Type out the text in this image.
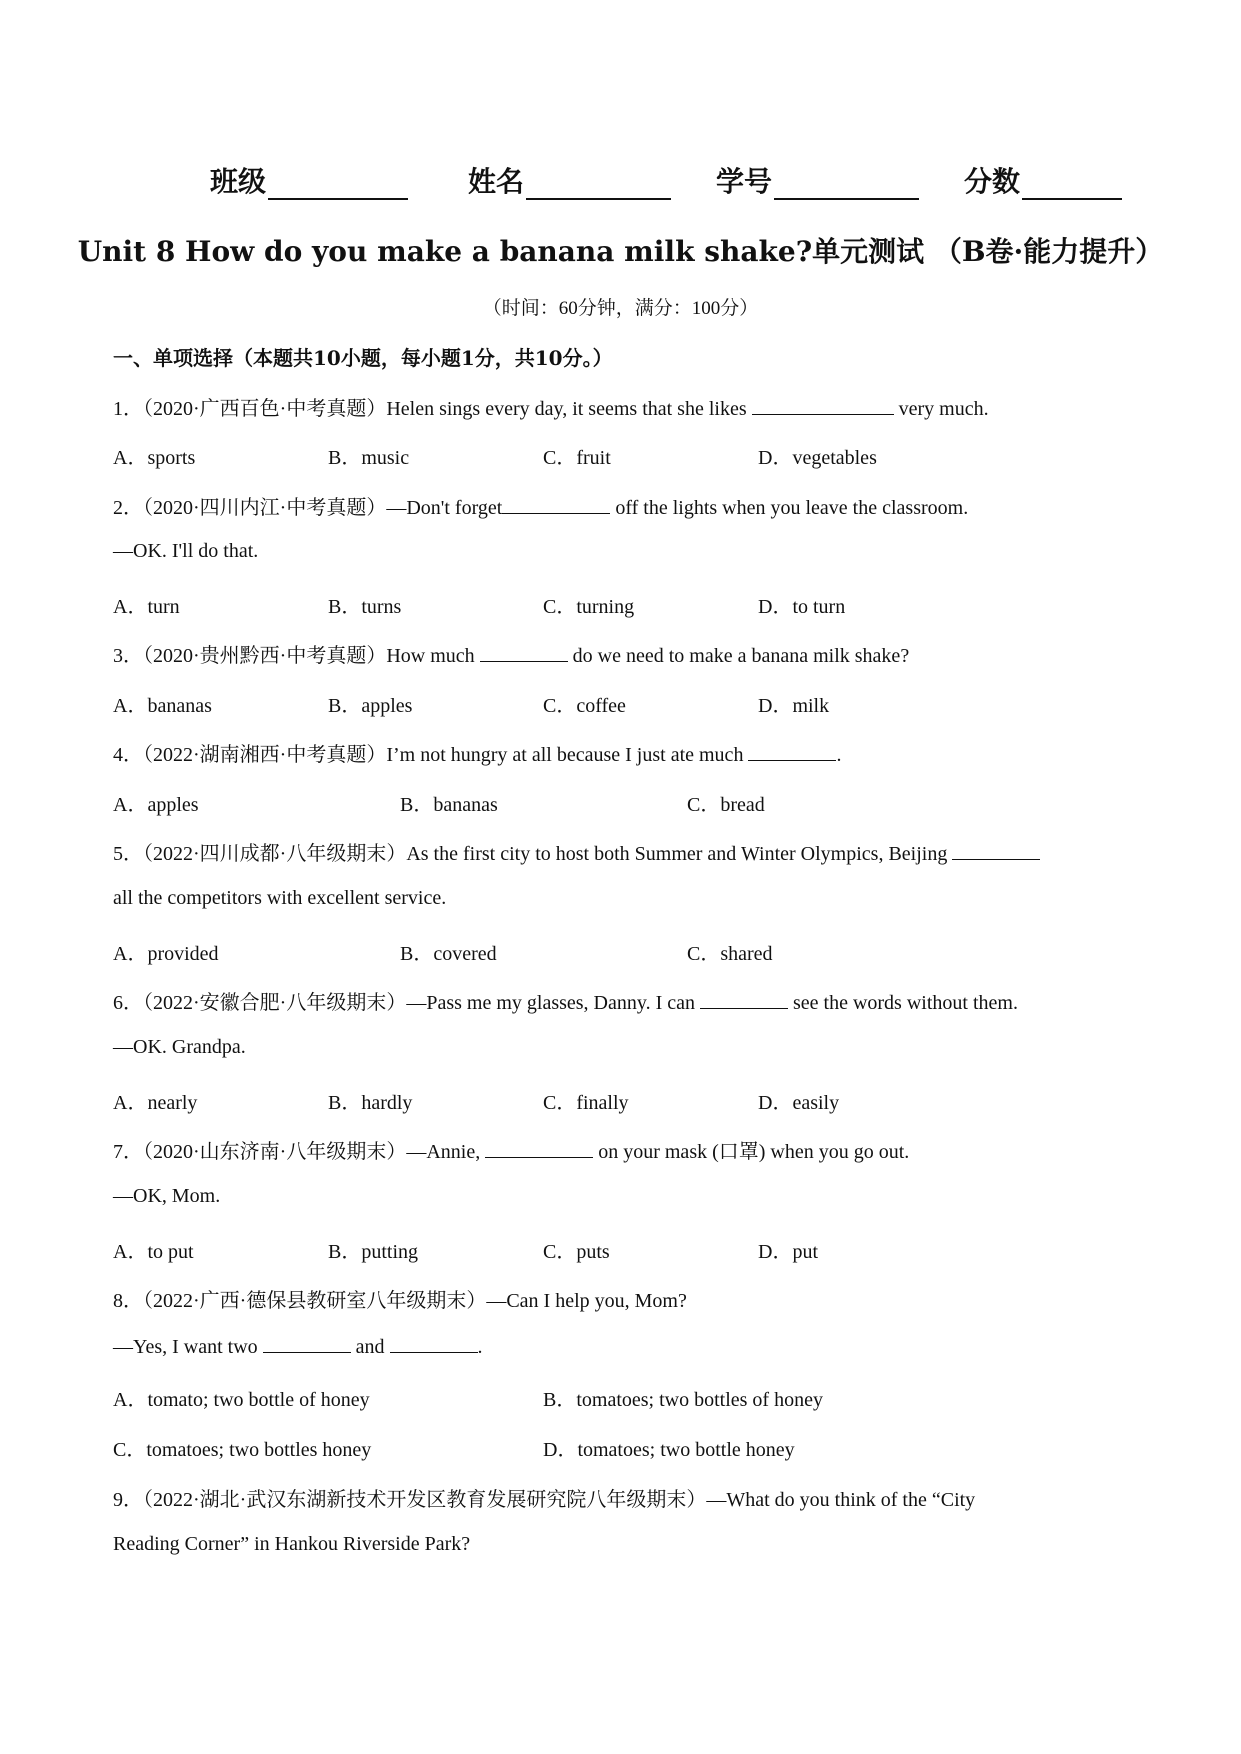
班级	姓名	学号	分数
Unit 8 How do you make a banana milk shake?单元测试 （B卷·能力提升）
（时间：60分钟，满分：100分）
一、单项选择（本题共10小题，每小题1分，共10分。）
1．（2020·广西百色·中考真题）Helen sings every day, it seems that she likes	very much.
A．sports	B．music	C．fruit	D．vegetables
2．（2020·四川内江·中考真题）—Don't forget	off the lights when you leave the classroom.
—OK. I'll do that.
A．turn	B．turns	C．turning	D．to turn
3．（2020·贵州黔西·中考真题）How much	do we need to make a banana milk shake?
A．bananas	B．apples	C．coffee	D．milk
4．（2022·湖南湘西·中考真题）I’m not hungry at all because I just ate much	.
A．apples	B．bananas	C．bread
5．（2022·四川成都·八年级期末）As the first city to host both Summer and Winter Olympics, Beijing
all the competitors with excellent service.
A．provided	B．covered	C．shared
6．（2022·安徽合肥·八年级期末）—Pass me my glasses, Danny. I can	see the words without them.
—OK. Grandpa.
A．nearly	B．hardly	C．finally	D．easily
7．（2020·山东济南·八年级期末）—Annie,	on your mask (口罩) when you go out.
—OK, Mom.
A．to put	B．putting	C．puts	D．put
8．（2022·广西·德保县教研室八年级期末）—Can I help you, Mom?
—Yes, I want two	and	.
A．tomato; two bottle of honey	B．tomatoes; two bottles of honey
C．tomatoes; two bottles honey	D．tomatoes; two bottle honey
9．（2022·湖北·武汉东湖新技术开发区教育发展研究院八年级期末）—What do you think of the “City
Reading Corner” in Hankou Riverside Park?
